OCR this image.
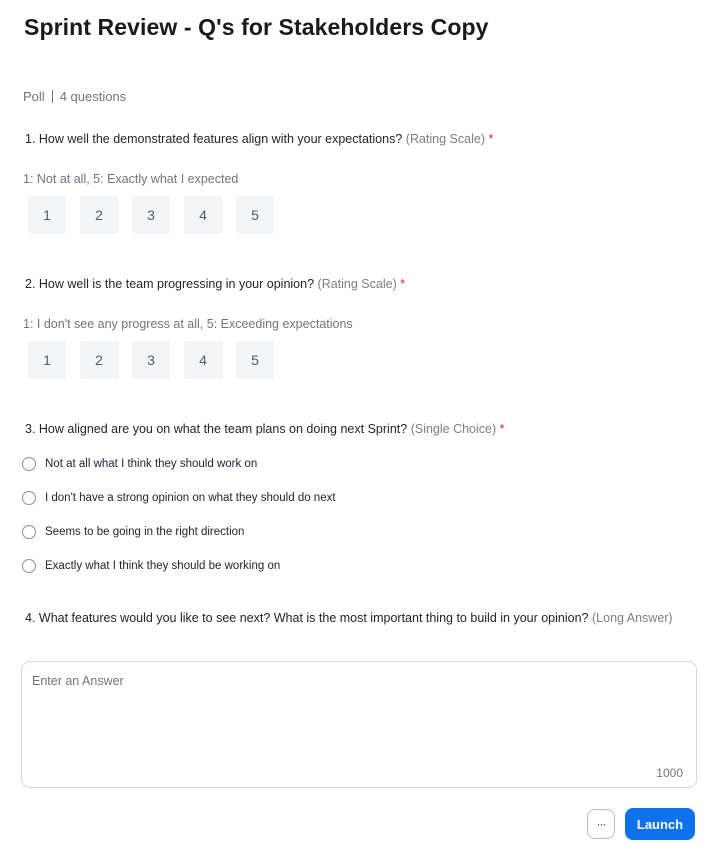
Sprint Review - Q's for Stakeholders Copy
Poll 4 questions
1. How well the demonstrated features align with your expectations? (Rating Scale) *
1: Not at all, 5: Exactly what I expected
1	2	3	4	5
2. How well is the team progressing in your opinion? (Rating Scale) *
1: I don't see any progress at all, 5: Exceeding expectations
1	2	3	4	5
3. How aligned are you on what the team plans on doing next Sprint? (Single Choice) *
Not at all what I think they should work on
I don't have a strong opinion on what they should do next
Seems to be going in the right direction
Exactly what I think they should be working on
4. What features would you like to see next? What is the most important thing to build in your opinion? (Long Answer)
Enter an Answer
1000
···	Launch
